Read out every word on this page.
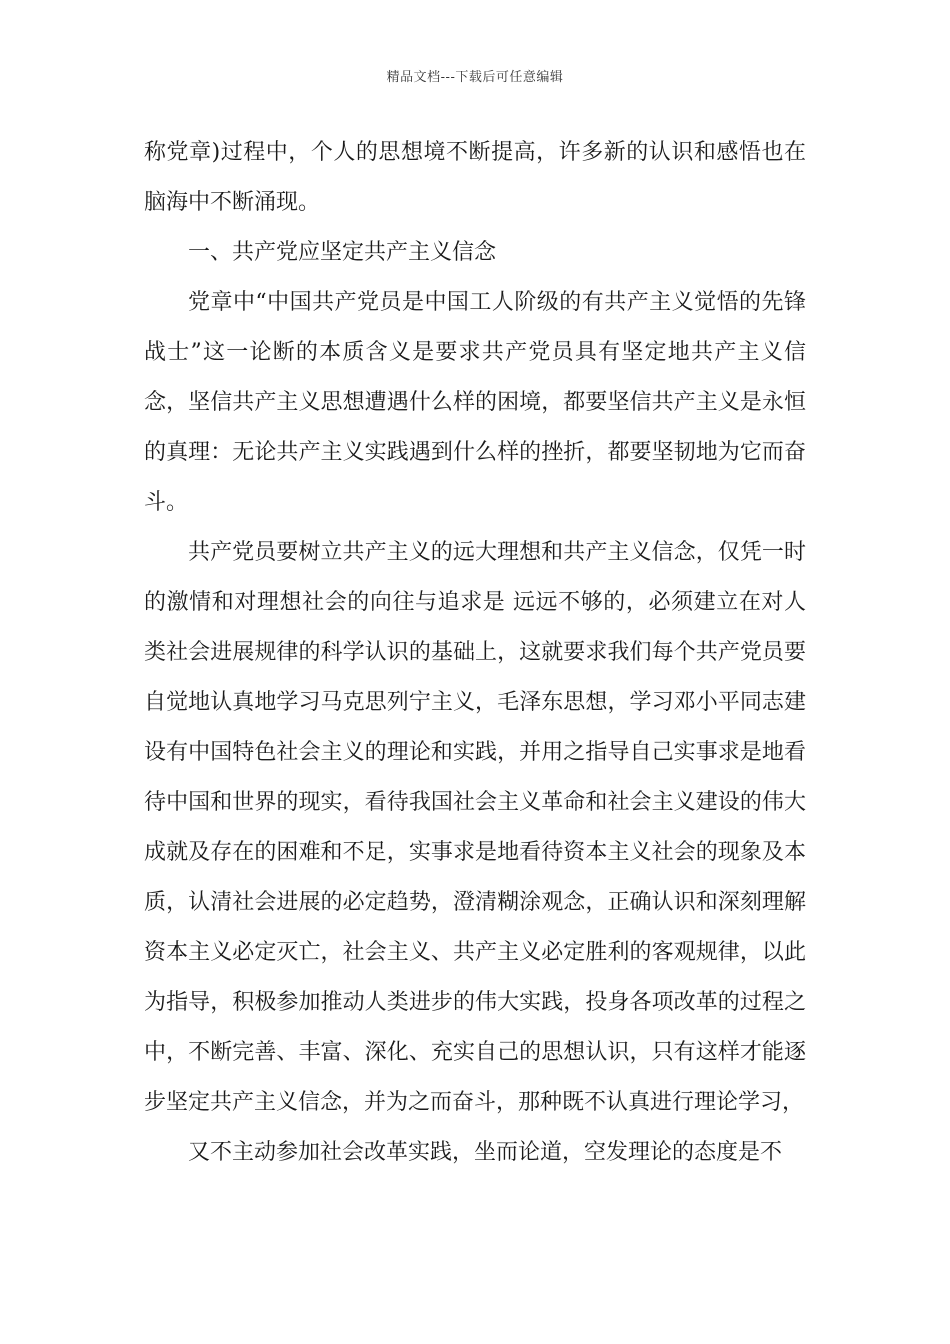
精品文档---下载后可任意编辑

称党章)过程中，个人的思想境不断提高，许多新的认识和感悟也在脑海中不断涌现。

一、共产党应坚定共产主义信念

党章中“中国共产党员是中国工人阶级的有共产主义觉悟的先锋战士”这一论断的本质含义是要求共产党员具有坚定地共产主义信念，坚信共产主义思想遭遇什么样的困境，都要坚信共产主义是永恒的真理：无论共产主义实践遇到什么样的挫折，都要坚韧地为它而奋斗。

共产党员要树立共产主义的远大理想和共产主义信念，仅凭一时的激情和对理想社会的向往与追求是 远远不够的，必须建立在对人类社会进展规律的科学认识的基础上，这就要求我们每个共产党员要自觉地认真地学习马克思列宁主义，毛泽东思想，学习邓小平同志建设有中国特色社会主义的理论和实践，并用之指导自己实事求是地看待中国和世界的现实，看待我国社会主义革命和社会主义建设的伟大成就及存在的困难和不足，实事求是地看待资本主义社会的现象及本质，认清社会进展的必定趋势，澄清糊涂观念，正确认识和深刻理解资本主义必定灭亡，社会主义、共产主义必定胜利的客观规律，以此为指导，积极参加推动人类进步的伟大实践，投身各项改革的过程之中，不断完善、丰富、深化、充实自己的思想认识，只有这样才能逐步坚定共产主义信念，并为之而奋斗，那种既不认真进行理论学习，

又不主动参加社会改革实践，坐而论道，空发理论的态度是不
